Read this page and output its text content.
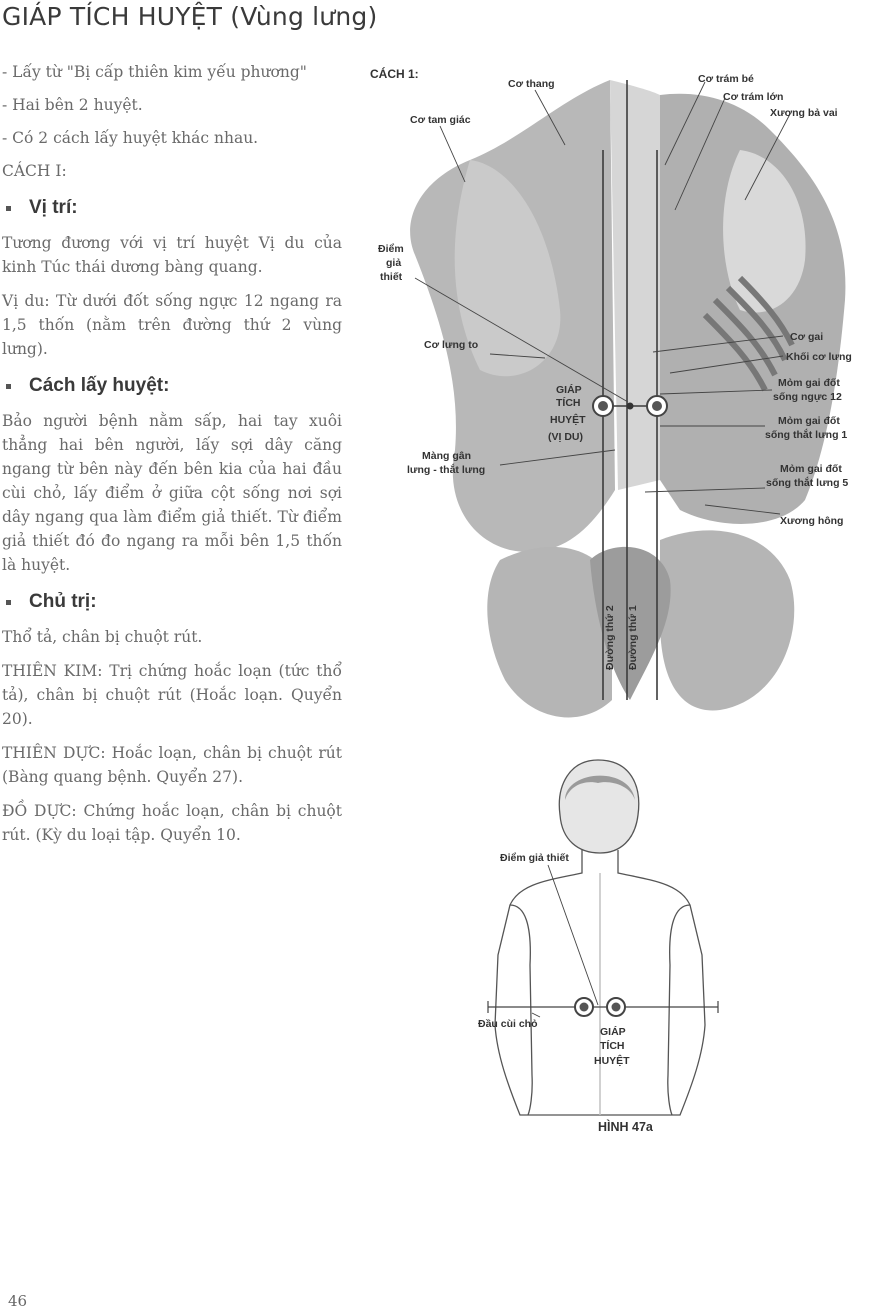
GIÁP TÍCH HUYỆT (Vùng lưng)

- Lấy từ "Bị cấp thiên kim yếu phương"

- Hai bên 2 huyệt.

- Có 2 cách lấy huyệt khác nhau.

CÁCH I:

Vị trí:

Tương đương với vị trí huyệt Vị du của kinh Túc thái dương bàng quang.

Vị du: Từ dưới đốt sống ngực 12 ngang ra 1,5 thốn (nằm trên đường thứ 2 vùng lưng).

Cách lấy huyệt:

Bảo người bệnh nằm sấp, hai tay xuôi thẳng hai bên người, lấy sợi dây căng ngang từ bên này đến bên kia của hai đầu cùi chỏ, lấy điểm ở giữa cột sống nơi sợi dây ngang qua làm điểm giả thiết. Từ điểm giả thiết đó đo ngang ra mỗi bên 1,5 thốn là huyệt.

Chủ trị:

Thổ tả, chân bị chuột rút.

THIÊN KIM: Trị chứng hoắc loạn (tức thổ tả), chân bị chuột rút (Hoắc loạn. Quyển 20).

THIÊN DỰC: Hoắc loạn, chân bị chuột rút (Bàng quang bệnh. Quyển 27).

ĐỒ DỰC: Chứng hoắc loạn, chân bị chuột rút. (Kỳ du loại tập. Quyển 10.

CÁCH 1:
Cơ thang	Cơ trám bé
Cơ trám lớn
Xương bả vai
Cơ tam giác
Điểm
giả
thiết
Cơ lưng to
Cơ gai
Khối cơ lưng
Mỏm gai đốt
sống ngực 12
Mỏm gai đốt
sống thắt lưng 1
GIÁP
TÍCH
HUYỆT
(VỊ DU)
Màng gân
lưng - thắt lưng	Mỏm gai đốt
sống thắt lưng 5
Xương hông
Đường thứ 2 Đường thứ 1
Điểm giả thiết
Đầu cùi chỏ
GIÁP
TÍCH
HUYỆT
HÌNH 47a
46
